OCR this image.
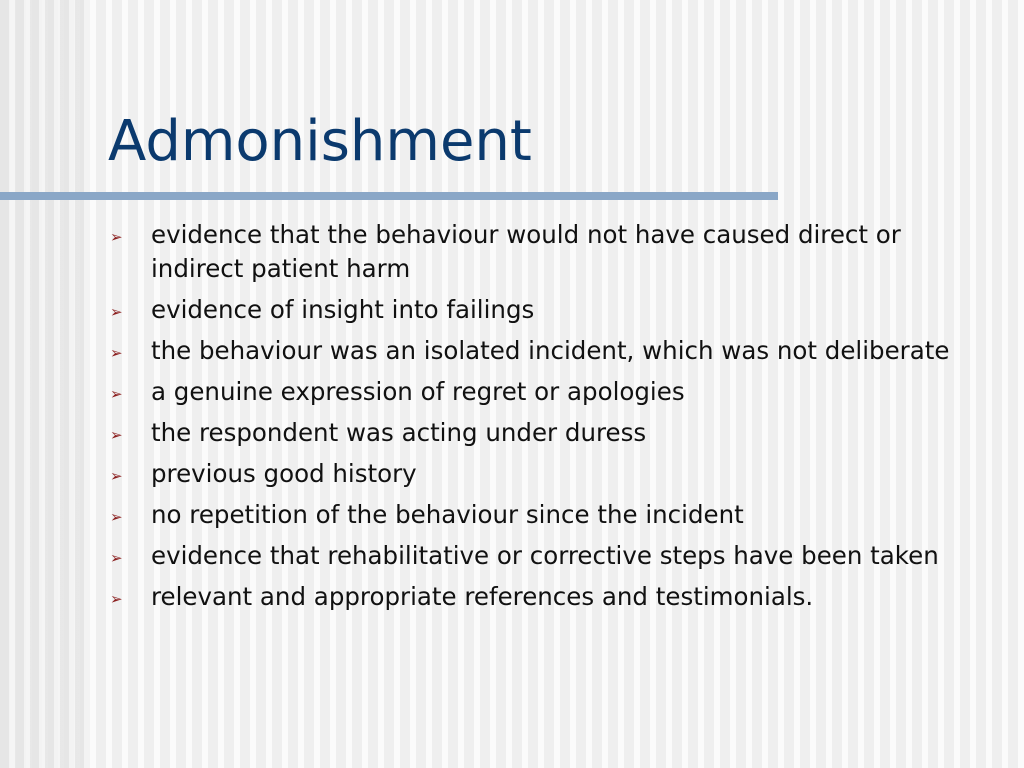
Admonishment
➢ evidence that the behaviour would not have caused direct or indirect patient harm
➢ evidence of insight into failings
➢ the behaviour was an isolated incident, which was not deliberate
➢ a genuine expression of regret or apologies
➢ the respondent was acting under duress
➢ previous good history
➢ no repetition of the behaviour since the incident
➢ evidence that rehabilitative or corrective steps have been taken
➢ relevant and appropriate references and testimonials.
